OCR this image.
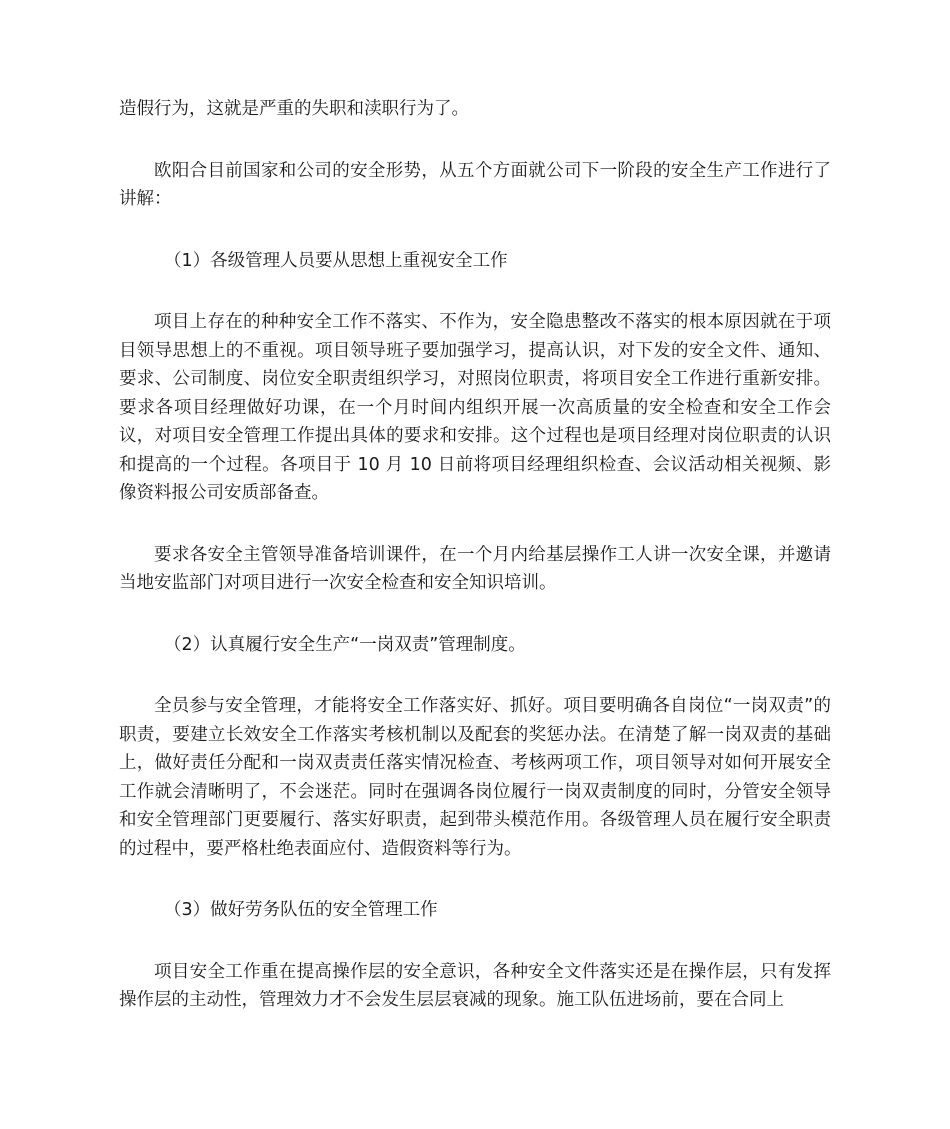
造假行为，这就是严重的失职和渎职行为了。

欧阳合目前国家和公司的安全形势，从五个方面就公司下一阶段的安全生产工作进行了讲解：

（1）各级管理人员要从思想上重视安全工作

项目上存在的种种安全工作不落实、不作为，安全隐患整改不落实的根本原因就在于项目领导思想上的不重视。项目领导班子要加强学习，提高认识，对下发的安全文件、通知、要求、公司制度、岗位安全职责组织学习，对照岗位职责，将项目安全工作进行重新安排。要求各项目经理做好功课，在一个月时间内组织开展一次高质量的安全检查和安全工作会议，对项目安全管理工作提出具体的要求和安排。这个过程也是项目经理对岗位职责的认识和提高的一个过程。各项目于 10 月 10 日前将项目经理组织检查、会议活动相关视频、影像资料报公司安质部备查。

要求各安全主管领导准备培训课件，在一个月内给基层操作工人讲一次安全课，并邀请当地安监部门对项目进行一次安全检查和安全知识培训。

（2）认真履行安全生产“一岗双责”管理制度。

全员参与安全管理，才能将安全工作落实好、抓好。项目要明确各自岗位“一岗双责”的职责，要建立长效安全工作落实考核机制以及配套的奖惩办法。在清楚了解一岗双责的基础上，做好责任分配和一岗双责责任落实情况检查、考核两项工作，项目领导对如何开展安全工作就会清晰明了，不会迷茫。同时在强调各岗位履行一岗双责制度的同时，分管安全领导和安全管理部门更要履行、落实好职责，起到带头模范作用。各级管理人员在履行安全职责的过程中，要严格杜绝表面应付、造假资料等行为。

（3）做好劳务队伍的安全管理工作

项目安全工作重在提高操作层的安全意识，各种安全文件落实还是在操作层，只有发挥操作层的主动性，管理效力才不会发生层层衰减的现象。施工队伍进场前，要在合同上
